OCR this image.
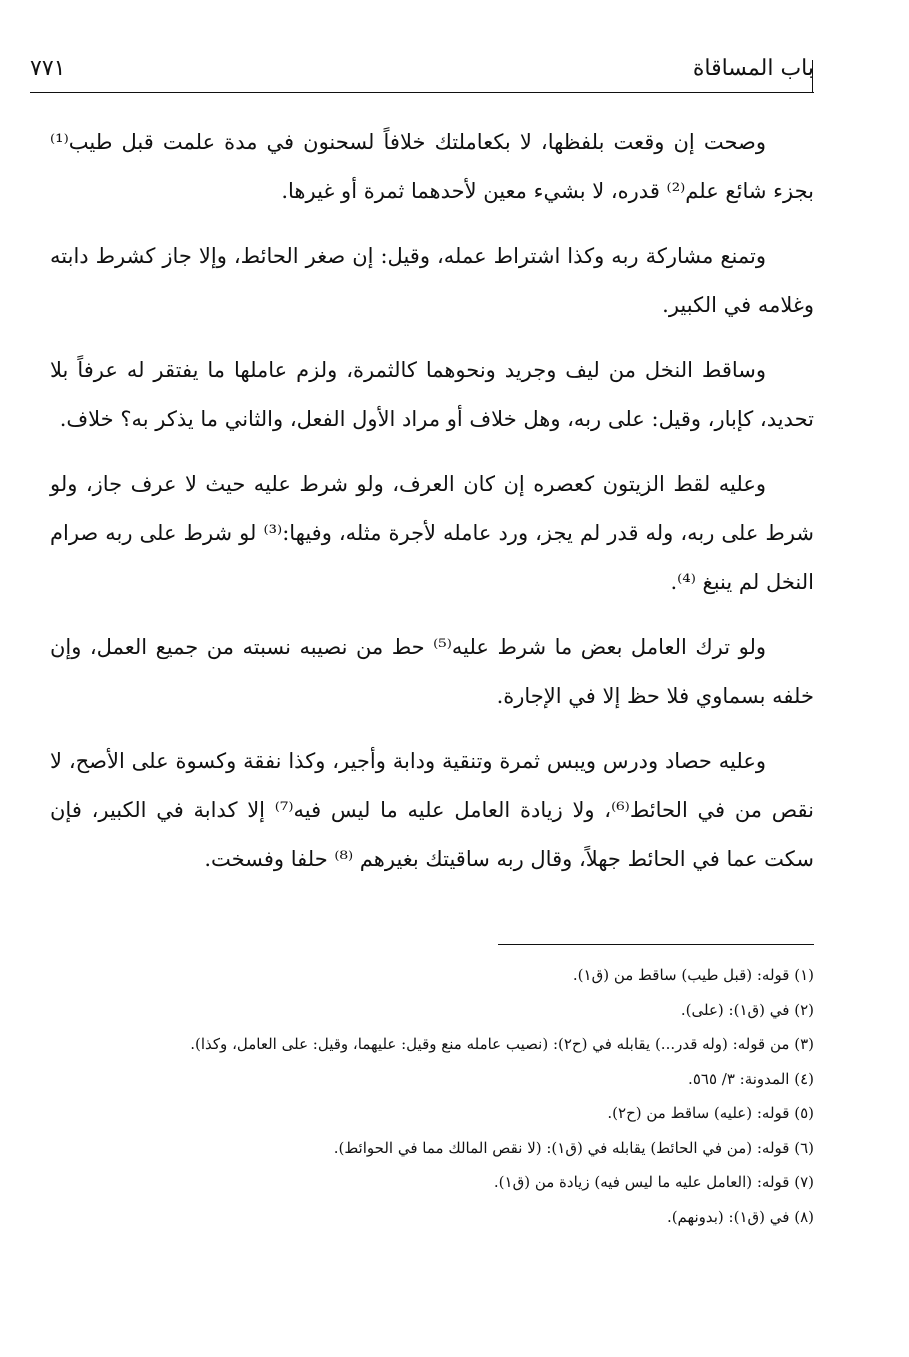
باب المساقاة
٧٧١

وصحت إن وقعت بلفظها، لا بكعاملتك خلافاً لسحنون في مدة علمت قبل طيب⁽¹⁾ بجزء شائع علم⁽²⁾ قدره، لا بشيء معين لأحدهما ثمرة أو غيرها.

وتمنع مشاركة ربه وكذا اشتراط عمله، وقيل: إن صغر الحائط، وإلا جاز كشرط دابته وغلامه في الكبير.

وساقط النخل من ليف وجريد ونحوهما كالثمرة، ولزم عاملها ما يفتقر له عرفاً بلا تحديد، كإبار، وقيل: على ربه، وهل خلاف أو مراد الأول الفعل، والثاني ما يذكر به؟ خلاف.

وعليه لقط الزيتون كعصره إن كان العرف، ولو شرط عليه حيث لا عرف جاز، ولو شرط على ربه، وله قدر لم يجز، ورد عامله لأجرة مثله، وفيها:⁽³⁾ لو شرط على ربه صرام النخل لم ينبغ ⁽⁴⁾.

ولو ترك العامل بعض ما شرط عليه⁽⁵⁾ حط من نصيبه نسبته من جميع العمل، وإن خلفه بسماوي فلا حظ إلا في الإجارة.

وعليه حصاد ودرس ويبس ثمرة وتنقية ودابة وأجير، وكذا نفقة وكسوة على الأصح، لا نقص من في الحائط⁽⁶⁾، ولا زيادة العامل عليه ما ليس فيه⁽⁷⁾ إلا كدابة في الكبير، فإن سكت عما في الحائط جهلاً، وقال ربه ساقيتك بغيرهم ⁽⁸⁾ حلفا وفسخت.

(١) قوله: (قبل طيب) ساقط من (ق١).
(٢) في (ق١): (على).
(٣) من قوله: (وله قدر...) يقابله في (ح٢): (نصيب عامله منع وقيل: عليهما، وقيل: على العامل، وكذا).
(٤) المدونة: ٣/ ٥٦٥.
(٥) قوله: (عليه) ساقط من (ح٢).
(٦) قوله: (من في الحائط) يقابله في (ق١): (لا نقص المالك مما في الحوائط).
(٧) قوله: (العامل عليه ما ليس فيه) زيادة من (ق١).
(٨) في (ق١): (بدونهم).
